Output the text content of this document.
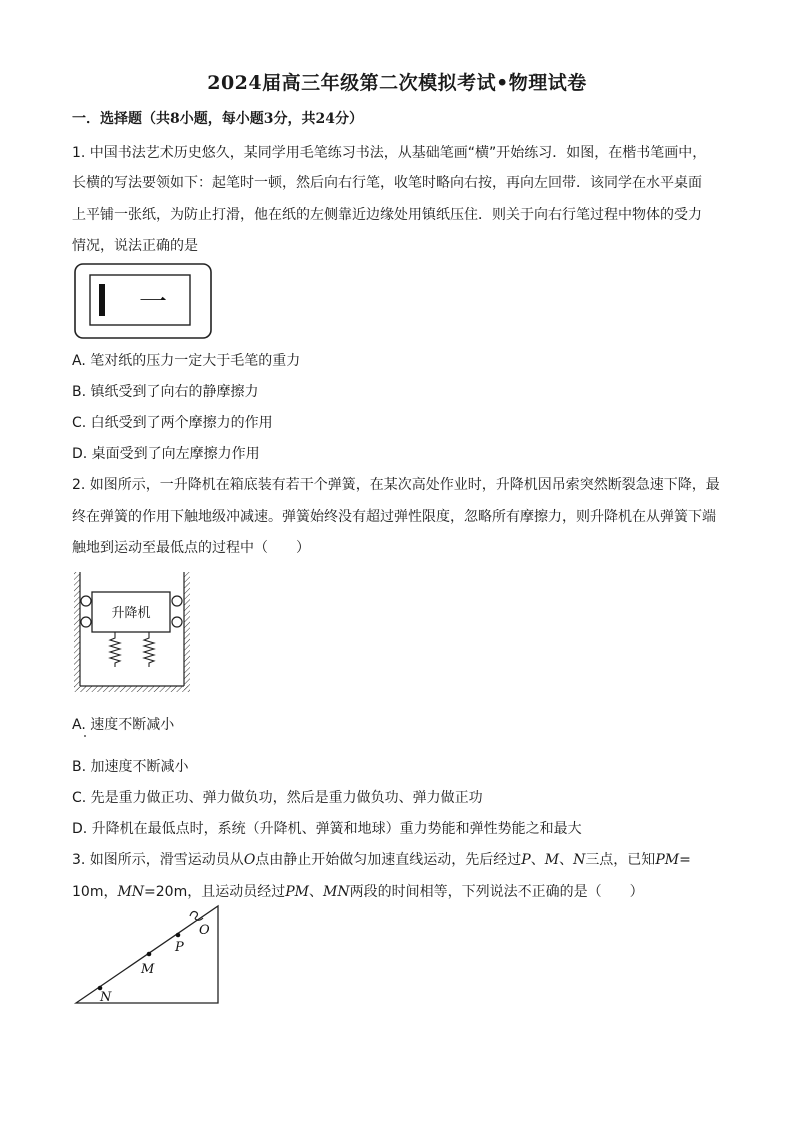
2024届高三年级第二次模拟考试•物理试卷
一．选择题（共8小题，每小题3分，共24分）
1. 中国书法艺术历史悠久，某同学用毛笔练习书法，从基础笔画“横”开始练习．如图，在楷书笔画中，
长横的写法要领如下：起笔时一顿，然后向右行笔，收笔时略向右按，再向左回带．该同学在水平桌面
上平铺一张纸，为防止打滑，他在纸的左侧靠近边缘处用镇纸压住．则关于向右行笔过程中物体的受力
情况，说法正确的是
一
A. 笔对纸的压力一定大于毛笔的重力
B. 镇纸受到了向右的静摩擦力
C. 白纸受到了两个摩擦力的作用
D. 桌面受到了向左摩擦力作用
2. 如图所示，一升降机在箱底装有若干个弹簧，在某次高处作业时，升降机因吊索突然断裂急速下降，最
终在弹簧的作用下触地级冲减速。弹簧始终没有超过弹性限度，忽略所有摩擦力，则升降机在从弹簧下端
触地到运动至最低点的过程中（　　）
升降机
A. 速度不断减小
B. 加速度不断减小
C. 先是重力做正功、弹力做负功，然后是重力做负功、弹力做正功
D. 升降机在最低点时，系统（升降机、弹簧和地球）重力势能和弹性势能之和最大
3. 如图所示，滑雪运动员从O点由静止开始做匀加速直线运动，先后经过P、M、N三点，已知PM=
10m，MN=20m，且运动员经过PM、MN两段的时间相等，下列说法不正确的是（　　）
O
P
M
N
